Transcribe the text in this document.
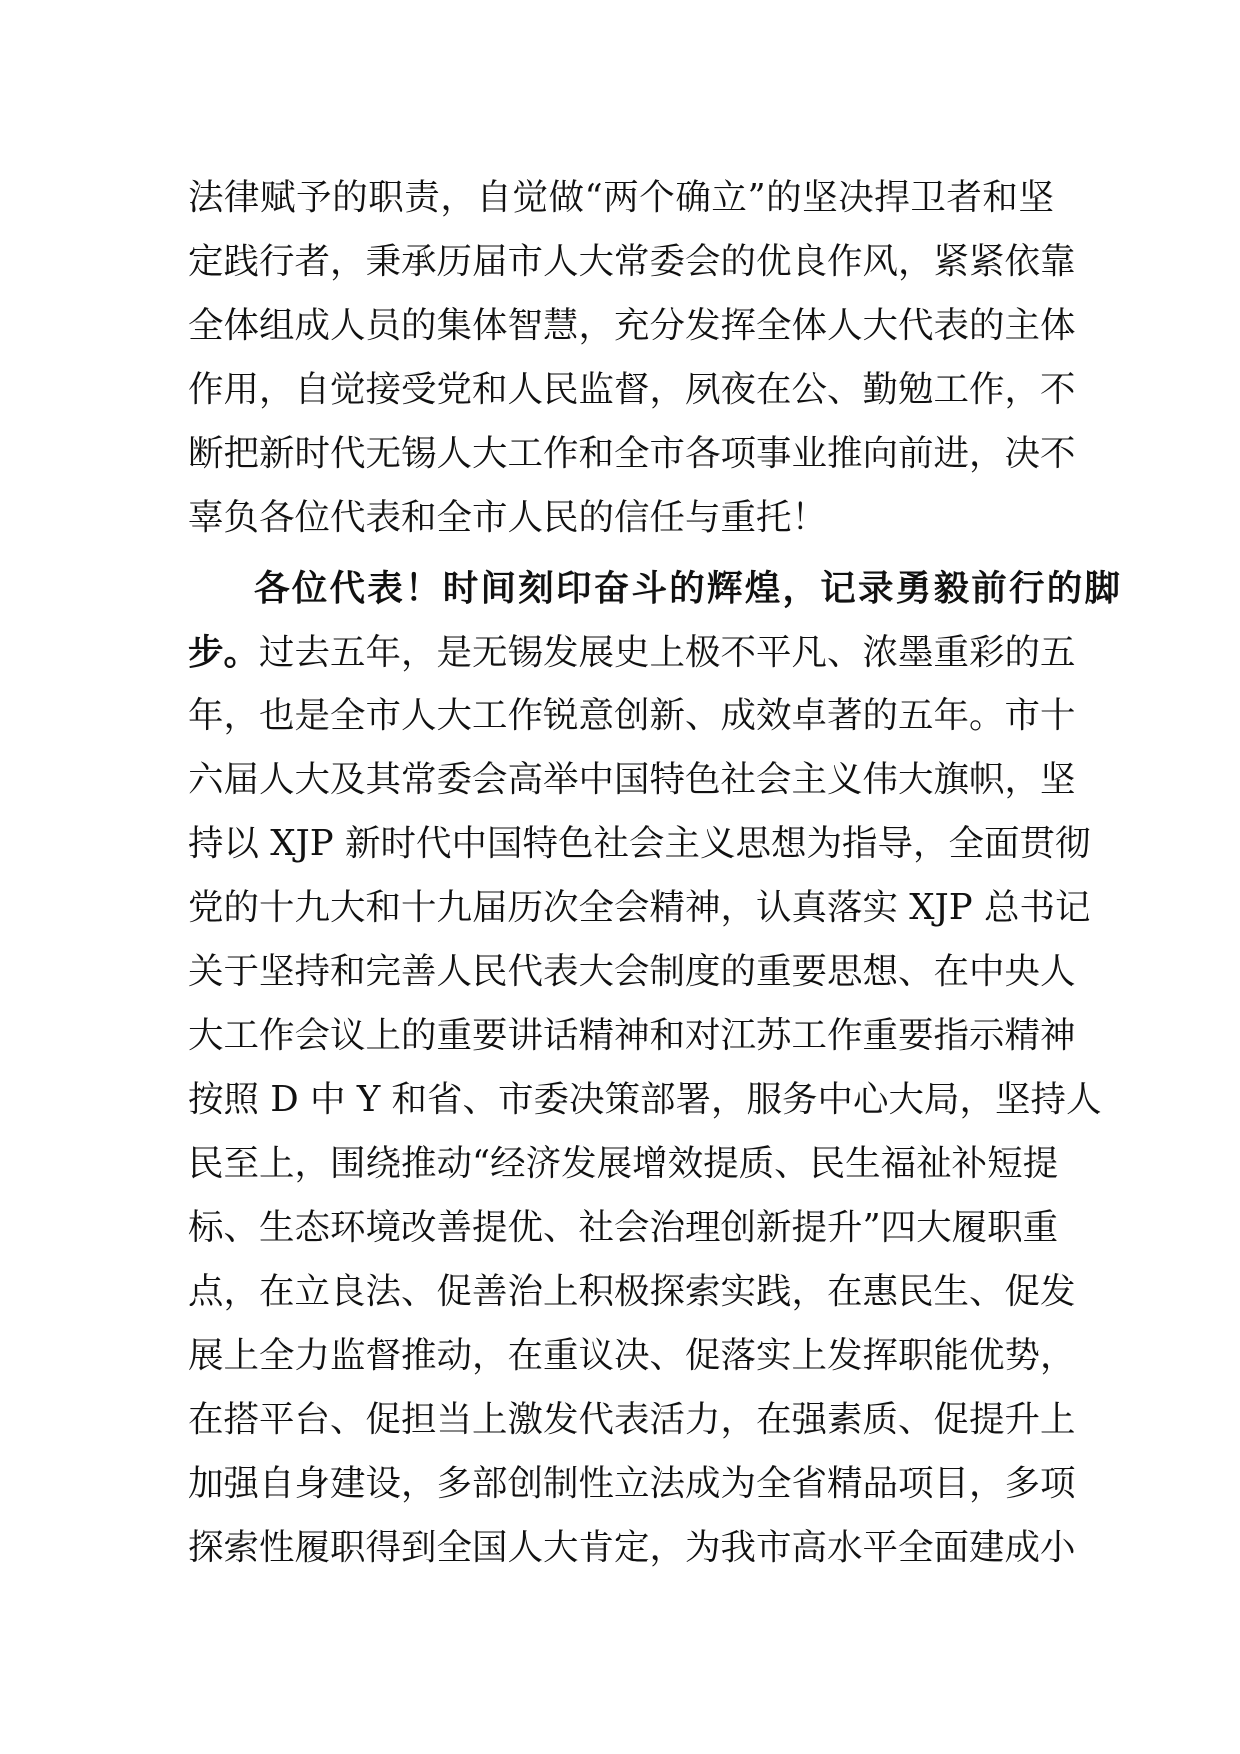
法律赋予的职责，自觉做“两个确立”的坚决捍卫者和坚
定践行者，秉承历届市人大常委会的优良作风，紧紧依靠
全体组成人员的集体智慧，充分发挥全体人大代表的主体
作用，自觉接受党和人民监督，夙夜在公、勤勉工作，不
断把新时代无锡人大工作和全市各项事业推向前进，决不
辜负各位代表和全市人民的信任与重托！
各位代表！时间刻印奋斗的辉煌，记录勇毅前行的脚
步。过去五年，是无锡发展史上极不平凡、浓墨重彩的五
年，也是全市人大工作锐意创新、成效卓著的五年。市十
六届人大及其常委会高举中国特色社会主义伟大旗帜，坚
持以 XJP 新时代中国特色社会主义思想为指导，全面贯彻
党的十九大和十九届历次全会精神，认真落实 XJP 总书记
关于坚持和完善人民代表大会制度的重要思想、在中央人
大工作会议上的重要讲话精神和对江苏工作重要指示精神
按照 D 中 Y 和省、市委决策部署，服务中心大局，坚持人
民至上，围绕推动“经济发展增效提质、民生福祉补短提
标、生态环境改善提优、社会治理创新提升”四大履职重
点，在立良法、促善治上积极探索实践，在惠民生、促发
展上全力监督推动，在重议决、促落实上发挥职能优势，
在搭平台、促担当上激发代表活力，在强素质、促提升上
加强自身建设，多部创制性立法成为全省精品项目，多项
探索性履职得到全国人大肯定，为我市高水平全面建成小
